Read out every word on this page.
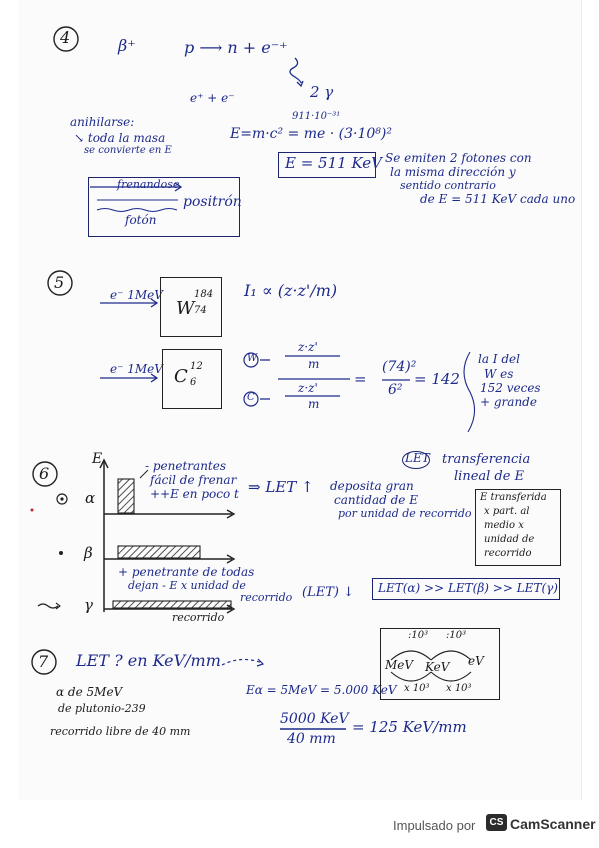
4	β⁺	p ⟶ n + e⁻⁺
2 γ
e⁺ + e⁻
911·10⁻³¹
E=m·c² = me · (3·10⁸)²
anihilarse:
↘ toda la masa
se convierte en E
E = 511 KeV Se emiten 2 fotones con
la misma dirección y
sentido contrario
de E = 511 KeV cada uno
frenandose
positrón
fotón
5
e⁻ 1MeV
W
184
74
e⁻ 1MeV C 12
6
I₁ ∝ (z·z'/m)
W
C
z·z'
m
z·z'
m
=
(74)²
6²
= 142
la I del
W es
152 veces
+ grande
6
E
α
β
γ
- penetrantes
fácil de frenar
++E en poco t ⇒ LET ↑ deposita gran
cantidad de E
por unidad de recorrido
LET transferencia
lineal de E
E transferida
x part. al
medio x
unidad de
recorrido
+ penetrante de todas
dejan - E x unidad de
recorrido (LET) ↓
recorrido
LET(α) >> LET(β) >> LET(γ)
7 LET ? en KeV/mm
α de 5MeV
de plutonio-239
recorrido libre de 40 mm
Eα = 5MeV = 5.000 KeV
5000 KeV
40 mm
= 125 KeV/mm
:10³ :10³
MeV KeV eV
x 10³ x 10³
Impulsado por	CS CamScanner
